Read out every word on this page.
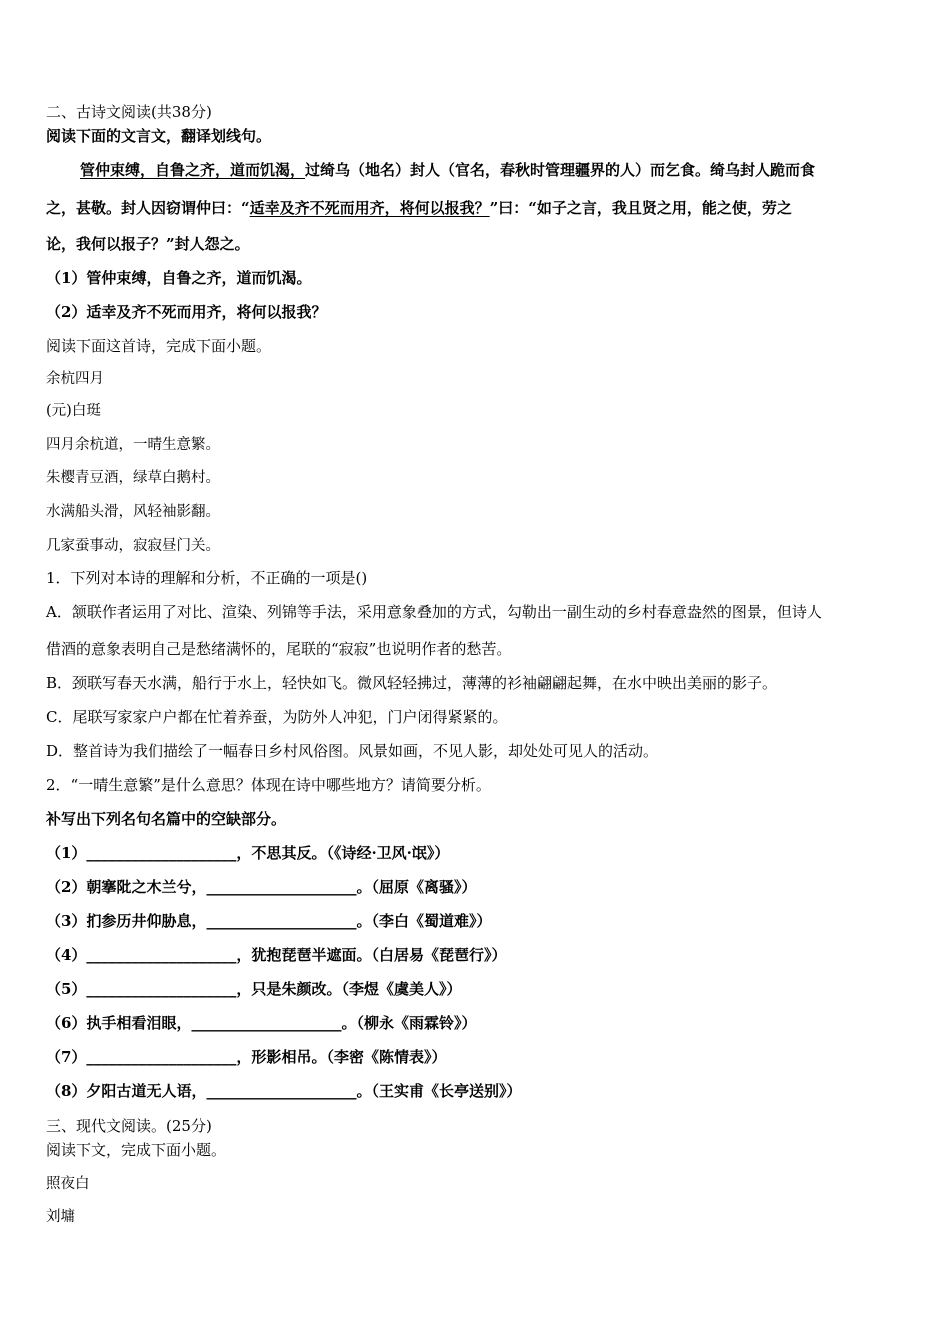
二、古诗文阅读(共38分)
阅读下面的文言文，翻译划线句。
管仲束缚，自鲁之齐，道而饥渴，过绮乌（地名）封人（官名，春秋时管理疆界的人）而乞食。绮乌封人跪而食
之，甚敬。封人因窃谓仲曰：“适幸及齐不死而用齐，将何以报我？”曰：“如子之言，我且贤之用，能之使，劳之
论，我何以报子？”封人怨之。
（1）管仲束缚，自鲁之齐，道而饥渴。
（2）适幸及齐不死而用齐，将何以报我？
阅读下面这首诗，完成下面小题。
余杭四月
(元)白珽
四月余杭道，一晴生意繁。
朱樱青豆酒，绿草白鹅村。
水满船头滑，风轻袖影翻。
几家蚕事动，寂寂昼门关。
1．下列对本诗的理解和分析，不正确的一项是()
A．颔联作者运用了对比、渲染、列锦等手法，采用意象叠加的方式，勾勒出一副生动的乡村春意盎然的图景，但诗人
借酒的意象表明自己是愁绪满怀的，尾联的“寂寂”也说明作者的愁苦。
B．颈联写春天水满，船行于水上，轻快如飞。微风轻轻拂过，薄薄的衫袖翩翩起舞，在水中映出美丽的影子。
C．尾联写家家户户都在忙着养蚕，为防外人冲犯，门户闭得紧紧的。
D．整首诗为我们描绘了一幅春日乡村风俗图。风景如画，不见人影，却处处可见人的活动。
2．“一晴生意繁”是什么意思？体现在诗中哪些地方？请简要分析。
补写出下列名句名篇中的空缺部分。
（1）____________________，不思其反。（《诗经·卫风·氓》）
（2）朝搴阰之木兰兮，____________________。（屈原《离骚》）
（3）扪参历井仰胁息，____________________。（李白《蜀道难》）
（4）____________________，犹抱琵琶半遮面。（白居易《琵琶行》）
（5）____________________，只是朱颜改。（李煜《虞美人》）
（6）执手相看泪眼，____________________。（柳永《雨霖铃》）
（7）____________________，形影相吊。（李密《陈情表》）
（8）夕阳古道无人语，____________________。（王实甫《长亭送别》）
三、现代文阅读。(25分)
阅读下文，完成下面小题。
照夜白
刘墉
